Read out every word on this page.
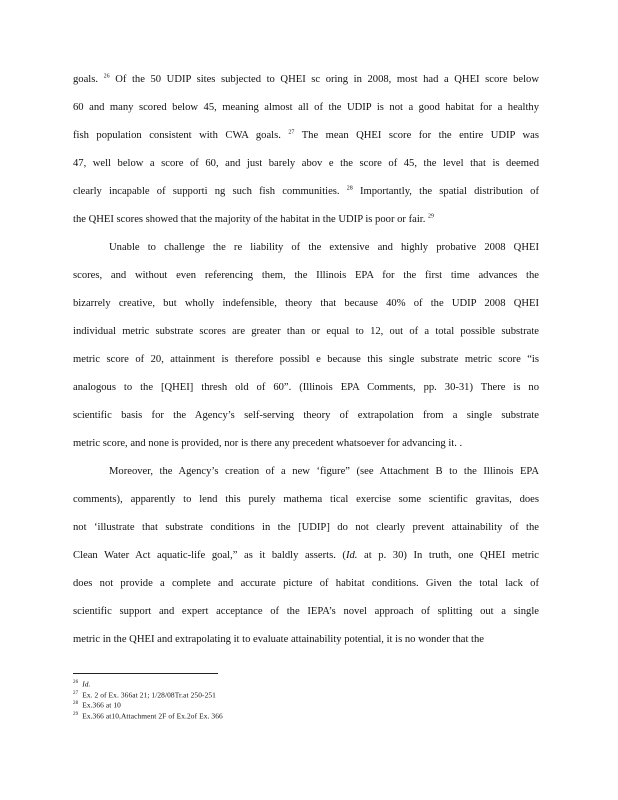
goals. $^{26}$ Of the 50 UDIP sites subjected to QHEI sc oring in 2008, most had a QHEI score below
60 and many scored below 45, meaning almost all of the UDIP is not a good habitat for a healthy
fish population consistent with CWA goals. $^{27}$ The mean QHEI score for the entire UDIP was
47, well below a score of 60, and just barely abov e the score of 45, the level that is deemed
clearly incapable of supporti ng such fish communities. $^{28}$ Importantly, the spatial distribution of
the QHEI scores showed that the majority of the habitat in the UDIP is poor or fair. $^{29}$
Unable to challenge the re liability of the extensive and highly probative 2008 QHEI
scores, and without even referencing them, the Illinois EPA for the first time advances the
bizarrely creative, but wholly indefensible, theory that because 40% of the UDIP 2008 QHEI
individual metric substrate scores are greater than or equal to 12, out of a total possible substrate
metric score of 20, attainment is therefore possibl e because this single substrate metric score “is
analogous to the [QHEI] thresh old of 60”. (Illinois EPA Comments, pp. 30-31) There is no
scientific basis for the Agency’s self-serving theory of extrapolation from a single substrate
metric score, and none is provided, nor is there any precedent whatsoever for advancing it. .
Moreover, the Agency’s creation of a new ‘figure” (see Attachment B to the Illinois EPA
comments), apparently to lend this purely mathema tical exercise some scientific gravitas, does
not ‘illustrate that substrate conditions in the [UDIP] do not clearly prevent attainability of the
Clean Water Act aquatic-life goal,” as it baldly asserts. (Id. at p. 30) In truth, one QHEI metric
does not provide a complete and accurate picture of habitat conditions. Given the total lack of
scientific support and expert acceptance of the IEPA’s novel approach of splitting out a single
metric in the QHEI and extrapolating it to evaluate attainability potential, it is no wonder that the
$^{26}$ Id.
$^{27}$ Ex. 2 of Ex. 366at 21; 1/28/08Tr.at 250-251
$^{28}$ Ex.366 at 10
$^{29}$ Ex.366 at10,Attachment 2F of Ex.2of Ex. 366
